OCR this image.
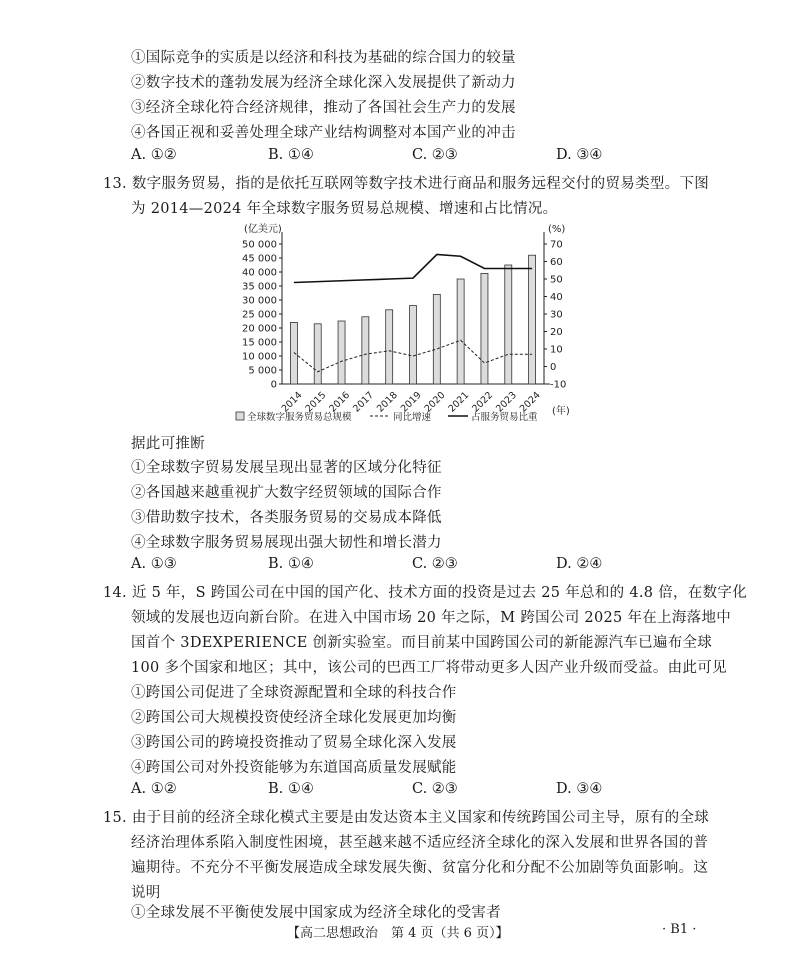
①国际竞争的实质是以经济和科技为基础的综合国力的较量
②数字技术的蓬勃发展为经济全球化深入发展提供了新动力
③经济全球化符合经济规律，推动了各国社会生产力的发展
④各国正视和妥善处理全球产业结构调整对本国产业的冲击
A. ①②	B. ①④	C. ②③	D. ③④
13. 数字服务贸易，指的是依托互联网等数字技术进行商品和服务远程交付的贸易类型。下图
为 2014—2024 年全球数字服务贸易总规模、增速和占比情况。
50 000
45 000
40 000
35 000
30 000
25 000
20 000
15 000
10 000
5 000
0
70
60
50
40
30
20
10
0
-10
(亿美元)	(%)
(年)
2014
2015
2016
2017
2018
2019
2020
2021
2022
2023
2024
全球数字服务贸易总规模	同比增速	占服务贸易比重
据此可推断
①全球数字贸易发展呈现出显著的区域分化特征
②各国越来越重视扩大数字经贸领域的国际合作
③借助数字技术，各类服务贸易的交易成本降低
④全球数字服务贸易展现出强大韧性和增长潜力
A. ①③	B. ①④	C. ②③	D. ②④
14. 近 5 年，S 跨国公司在中国的国产化、技术方面的投资是过去 25 年总和的 4.8 倍，在数字化
领域的发展也迈向新台阶。在进入中国市场 20 年之际，M 跨国公司 2025 年在上海落地中
国首个 3DEXPERIENCE 创新实验室。而目前某中国跨国公司的新能源汽车已遍布全球
100 多个国家和地区；其中，该公司的巴西工厂将带动更多人因产业升级而受益。由此可见
①跨国公司促进了全球资源配置和全球的科技合作
②跨国公司大规模投资使经济全球化发展更加均衡
③跨国公司的跨境投资推动了贸易全球化深入发展
④跨国公司对外投资能够为东道国高质量发展赋能
A. ①②	B. ①④	C. ②③	D. ③④
15. 由于目前的经济全球化模式主要是由发达资本主义国家和传统跨国公司主导，原有的全球
经济治理体系陷入制度性困境，甚至越来越不适应经济全球化的深入发展和世界各国的普
遍期待。不充分不平衡发展造成全球发展失衡、贫富分化和分配不公加剧等负面影响。这
说明
①全球发展不平衡使发展中国家成为经济全球化的受害者
【高二思想政治　第 4 页（共 6 页）】	· B1 ·
